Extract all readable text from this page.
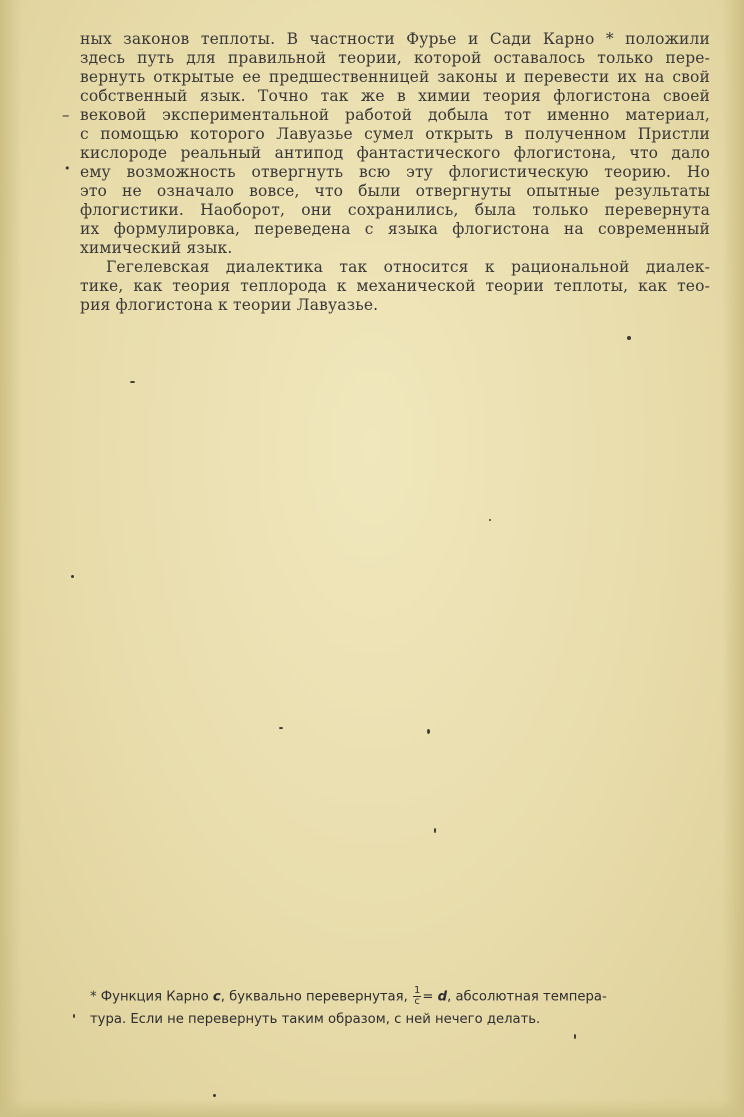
ных законов теплоты. В частности Фурье и Сади Карно * положили

здесь путь для правильной теории, которой оставалось только пере-

вернуть открытые ее предшественницей законы и перевести их на свой

собственный язык. Точно так же в химии теория флогистона своей

вековой экспериментальной работой добыла тот именно материал,

с помощью которого Лавуазье сумел открыть в полученном Пристли

кислороде реальный антипод фантастического флогистона, что дало

ему возможность отвергнуть всю эту флогистическую теорию. Но

это не означало вовсе, что были отвергнуты опытные результаты

флогистики. Наоборот, они сохранились, была только перевернута

их формулировка, переведена с языка флогистона на современный

химический язык.

Гегелевская диалектика так относится к рациональной диалек-

тике, как теория теплорода к механической теории теплоты, как тео-

рия флогистона к теории Лавуазье.

–
•
* Функция Карно c, буквально перевернутая, $\frac{1}{c} = d$, абсолютная темпера-
тура. Если не перевернуть таким образом, с ней нечего делать.
